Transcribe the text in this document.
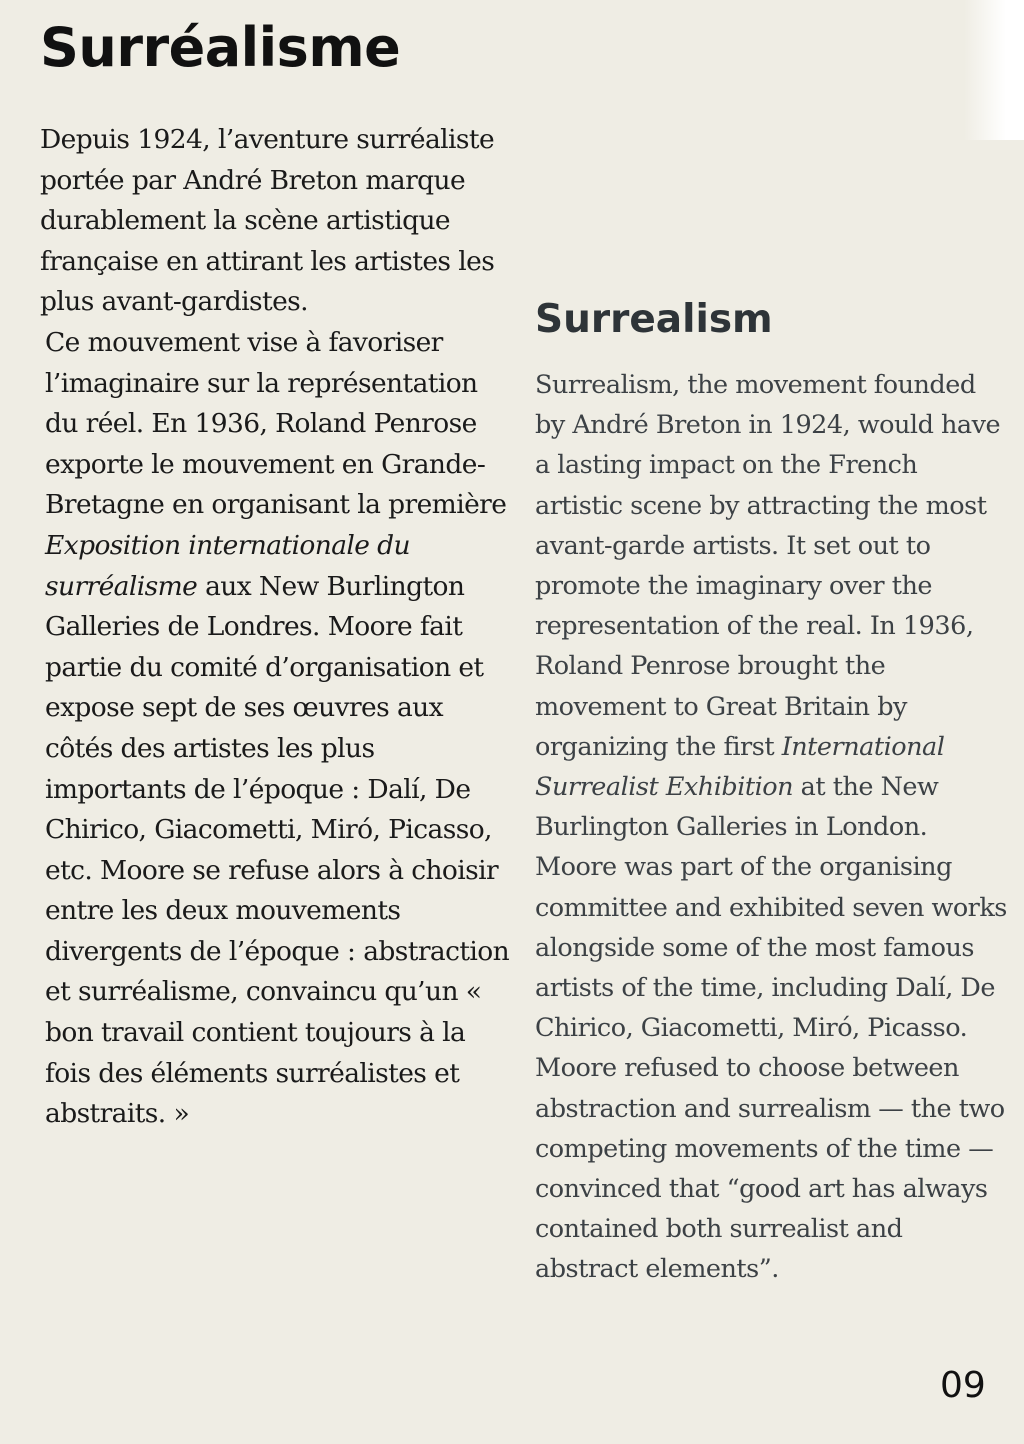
Surréalisme

Depuis 1924, l’aventure surréaliste portée par André Breton marque durablement la scène artistique française en attirant les artistes les plus avant-gardistes.

Ce mouvement vise à favoriser l’imaginaire sur la représentation du réel. En 1936, Roland Penrose exporte le mouvement en Grande-Bretagne en organisant la première Exposition internationale du surréalisme aux New Burlington Galleries de Londres. Moore fait partie du comité d’organisation et expose sept de ses œuvres aux côtés des artistes les plus importants de l’époque : Dalí, De Chirico, Giacometti, Miró, Picasso, etc. Moore se refuse alors à choisir entre les deux mouvements divergents de l’époque : abstraction et surréalisme, convaincu qu’un « bon travail contient toujours à la fois des éléments surréalistes et abstraits. »

Surrealism

Surrealism, the movement founded by André Breton in 1924, would have a lasting impact on the French artistic scene by attracting the most avant-garde artists. It set out to promote the imaginary over the representation of the real. In 1936, Roland Penrose brought the movement to Great Britain by organizing the first International Surrealist Exhibition at the New Burlington Galleries in London. Moore was part of the organising committee and exhibited seven works alongside some of the most famous artists of the time, including Dalí, De Chirico, Giacometti, Miró, Picasso. Moore refused to choose between abstraction and surrealism — the two competing movements of the time — convinced that “good art has always contained both surrealist and abstract elements”.

09
